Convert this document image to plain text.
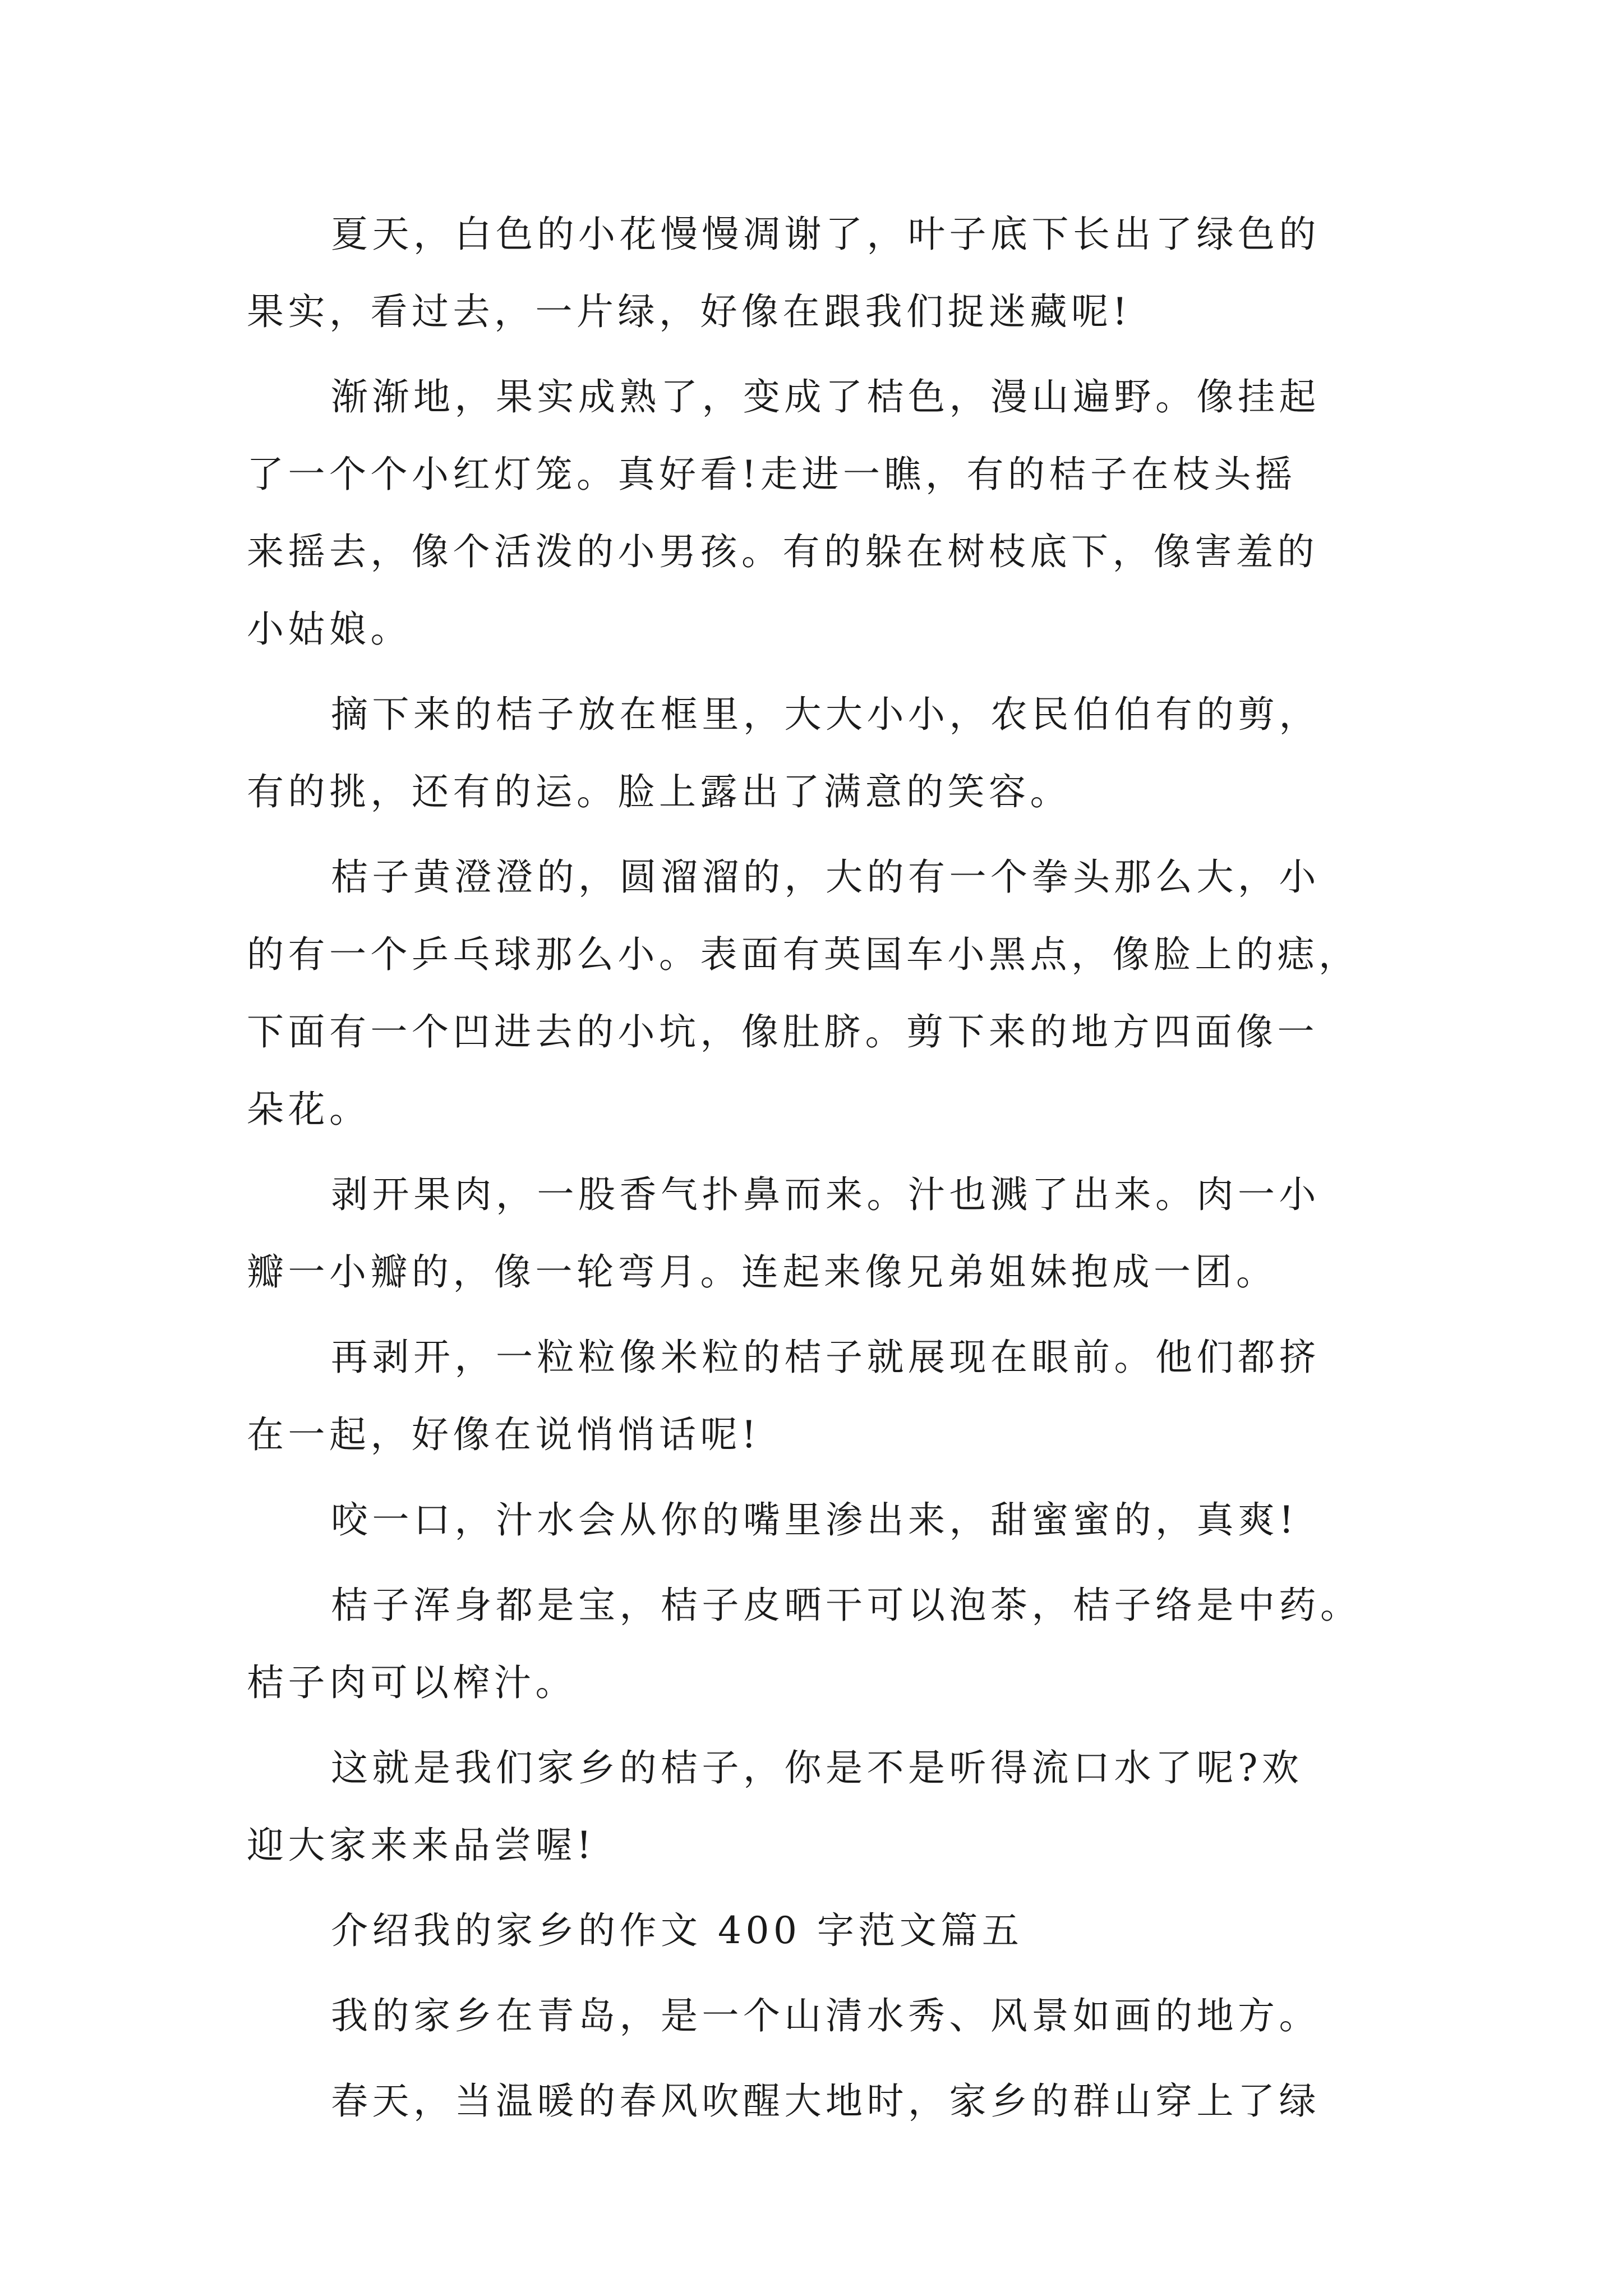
夏天，白色的小花慢慢凋谢了，叶子底下长出了绿色的
果实，看过去，一片绿，好像在跟我们捉迷藏呢!
渐渐地，果实成熟了，变成了桔色，漫山遍野。像挂起
了一个个小红灯笼。真好看!走进一瞧，有的桔子在枝头摇
来摇去，像个活泼的小男孩。有的躲在树枝底下，像害羞的
小姑娘。
摘下来的桔子放在框里，大大小小，农民伯伯有的剪，
有的挑，还有的运。脸上露出了满意的笑容。
桔子黄澄澄的，圆溜溜的，大的有一个拳头那么大，小
的有一个乒乓球那么小。表面有英国车小黑点，像脸上的痣，
下面有一个凹进去的小坑，像肚脐。剪下来的地方四面像一
朵花。
剥开果肉，一股香气扑鼻而来。汁也溅了出来。肉一小
瓣一小瓣的，像一轮弯月。连起来像兄弟姐妹抱成一团。
再剥开，一粒粒像米粒的桔子就展现在眼前。他们都挤
在一起，好像在说悄悄话呢!
咬一口，汁水会从你的嘴里渗出来，甜蜜蜜的，真爽!
桔子浑身都是宝，桔子皮晒干可以泡茶，桔子络是中药。
桔子肉可以榨汁。
这就是我们家乡的桔子，你是不是听得流口水了呢?欢
迎大家来来品尝喔!
介绍我的家乡的作文 400 字范文篇五
我的家乡在青岛，是一个山清水秀、风景如画的地方。
春天，当温暖的春风吹醒大地时，家乡的群山穿上了绿
